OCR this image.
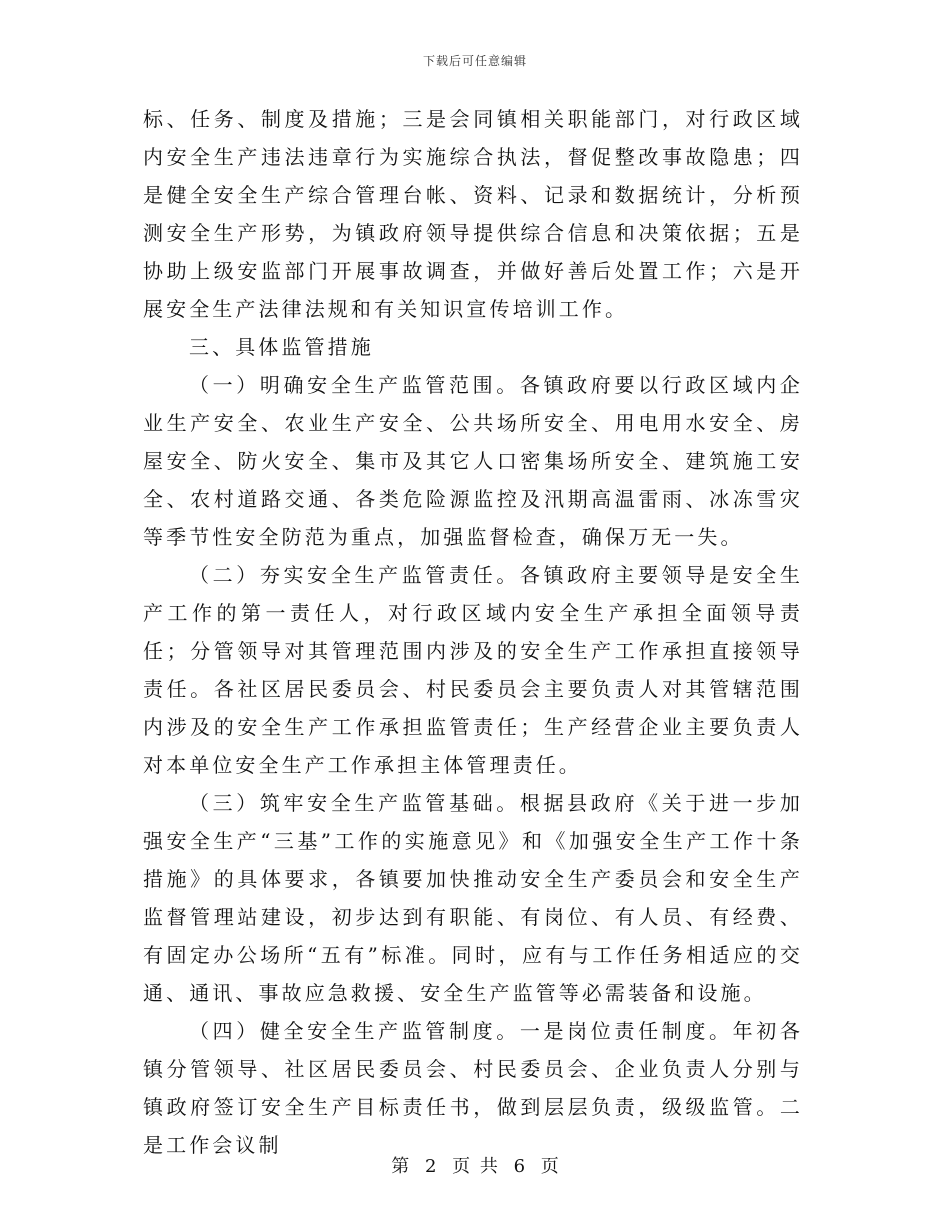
下载后可任意编辑

标、任务、制度及措施；三是会同镇相关职能部门，对行政区域内安全生产违法违章行为实施综合执法，督促整改事故隐患；四是健全安全生产综合管理台帐、资料、记录和数据统计，分析预测安全生产形势，为镇政府领导提供综合信息和决策依据；五是协助上级安监部门开展事故调查，并做好善后处置工作；六是开展安全生产法律法规和有关知识宣传培训工作。

三、具体监管措施

（一）明确安全生产监管范围。各镇政府要以行政区域内企业生产安全、农业生产安全、公共场所安全、用电用水安全、房屋安全、防火安全、集市及其它人口密集场所安全、建筑施工安全、农村道路交通、各类危险源监控及汛期高温雷雨、冰冻雪灾等季节性安全防范为重点，加强监督检查，确保万无一失。

（二）夯实安全生产监管责任。各镇政府主要领导是安全生产工作的第一责任人，对行政区域内安全生产承担全面领导责任；分管领导对其管理范围内涉及的安全生产工作承担直接领导责任。各社区居民委员会、村民委员会主要负责人对其管辖范围内涉及的安全生产工作承担监管责任；生产经营企业主要负责人对本单位安全生产工作承担主体管理责任。

（三）筑牢安全生产监管基础。根据县政府《关于进一步加强安全生产“三基”工作的实施意见》和《加强安全生产工作十条措施》的具体要求，各镇要加快推动安全生产委员会和安全生产监督管理站建设，初步达到有职能、有岗位、有人员、有经费、有固定办公场所“五有”标准。同时，应有与工作任务相适应的交通、通讯、事故应急救援、安全生产监管等必需装备和设施。

（四）健全安全生产监管制度。一是岗位责任制度。年初各镇分管领导、社区居民委员会、村民委员会、企业负责人分别与镇政府签订安全生产目标责任书，做到层层负责，级级监管。二是工作会议制

第 2 页 共 6 页
